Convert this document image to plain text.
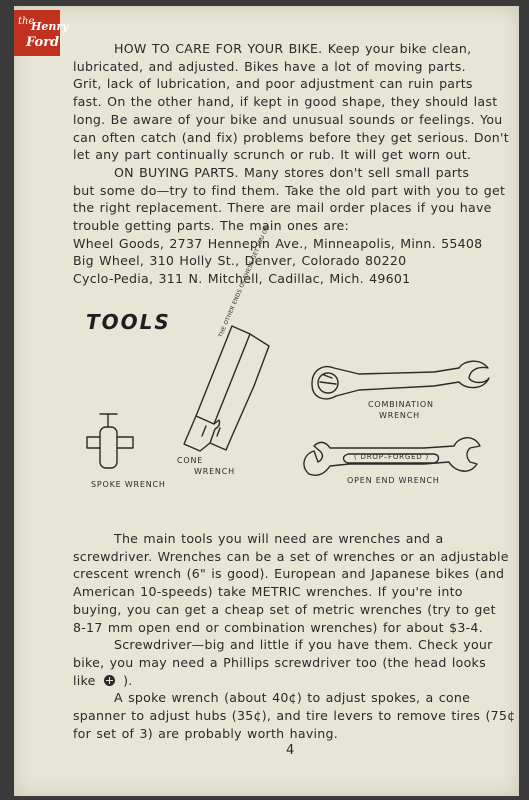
the
Henry
Ford	HOW TO CARE FOR YOUR BIKE. Keep your bike clean,
lubricated, and adjusted. Bikes have a lot of moving parts.
Grit, lack of lubrication, and poor adjustment can ruin parts
fast. On the other hand, if kept in good shape, they should last
long. Be aware of your bike and unusual sounds or feelings. You
can often catch (and fix) problems before they get serious. Don't
let any part continually scrunch or rub. It will get worn out.

ON BUYING PARTS. Many stores don't sell small parts
but some do—try to find them. Take the old part with you to get
the right replacement. There are mail order places if you have
trouble getting parts. The main ones are:
Wheel Goods, 2737 Hennepin Ave., Minneapolis, Minn. 55408
Big Wheel, 310 Holly St., Denver, Colorado 80220
Cyclo-Pedia, 311 N. Mitchell, Cadillac, Mich. 49601

TOOLS
SPOKE WRENCH
CONE
WRENCH
THE OTHER ENDS OF THESE GET YOU ON
COMBINATION
WRENCH
( DROP–FORGED )
OPEN END WRENCH

The main tools you will need are wrenches and a
screwdriver. Wrenches can be a set of wrenches or an adjustable
crescent wrench (6" is good). European and Japanese bikes (and
American 10-speeds) take METRIC wrenches. If you're into
buying, you can get a cheap set of metric wrenches (try to get
8-17 mm open end or combination wrenches) for about $3-4.

Screwdriver—big and little if you have them. Check your
bike, you may need a Phillips screwdriver too (the head looks
like ).

A spoke wrench (about 40¢) to adjust spokes, a cone
spanner to adjust hubs (35¢), and tire levers to remove tires (75¢
for set of 3) are probably worth having.

4
